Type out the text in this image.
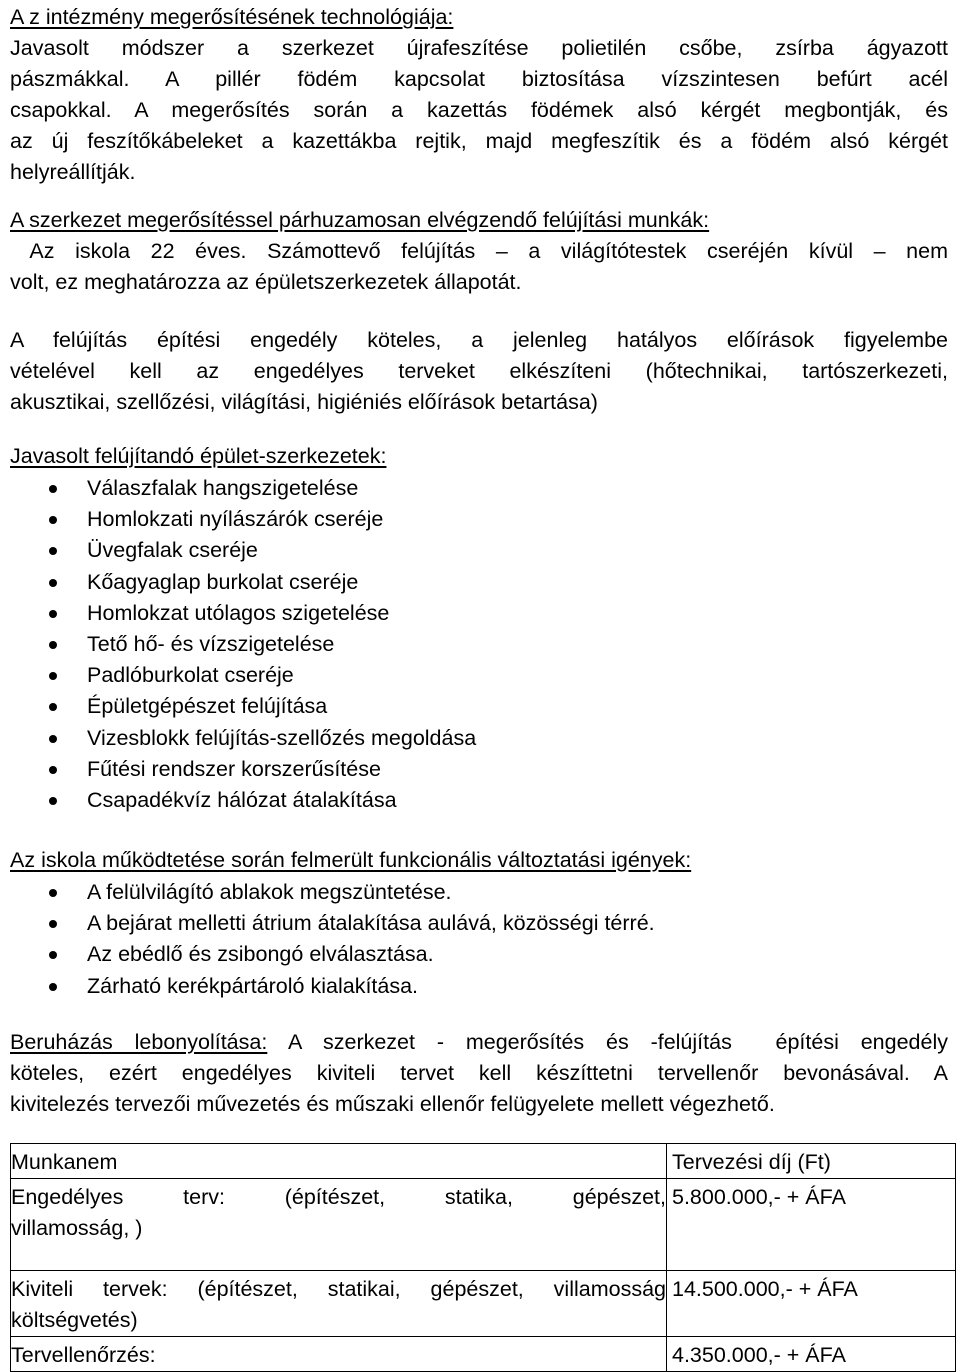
A z intézmény megerősítésének technológiája:

Javasolt módszer a szerkezet újrafeszítése polietilén csőbe, zsírba ágyazott

pászmákkal. A pillér födém kapcsolat biztosítása vízszintesen befúrt acél

csapokkal. A megerősítés során a kazettás födémek alsó kérgét megbontják, és

az új feszítőkábeleket a kazettákba rejtik, majd megfeszítik és a födém alsó kérgét

helyreállítják.

A szerkezet megerősítéssel párhuzamosan elvégzendő felújítási munkák:

Az iskola 22 éves. Számottevő felújítás – a világítótestek cseréjén kívül – nem

volt, ez meghatározza az épületszerkezetek állapotát.

A felújítás építési engedély köteles, a jelenleg hatályos előírások figyelembe

vételével kell az engedélyes terveket elkészíteni (hőtechnikai, tartószerkezeti,

akusztikai, szellőzési, világítási, higiéniés előírások betartása)

Javasolt felújítandó épület-szerkezetek:

Válaszfalak hangszigetelése
Homlokzati nyílászárók cseréje
Üvegfalak cseréje
Kőagyaglap burkolat cseréje
Homlokzat utólagos szigetelése
Tető hő- és vízszigetelése
Padlóburkolat cseréje
Épületgépészet felújítása
Vizesblokk felújítás-szellőzés megoldása
Fűtési rendszer korszerűsítése
Csapadékvíz hálózat átalakítása

Az iskola működtetése során felmerült funkcionális változtatási igények:

A felülvilágító ablakok megszüntetése.
A bejárat melletti átrium átalakítása aulává, közösségi térré.
Az ebédlő és zsibongó elválasztása.
Zárható kerékpártároló kialakítása.

Beruházás lebonyolítása: A szerkezet - megerősítés és -felújítás  építési engedély

köteles, ezért engedélyes kiviteli tervet kell készíttetni tervellenőr bevonásával. A

kivitelezés tervezői művezetés és műszaki ellenőr felügyelete mellett végezhető.

Munkanem	Tervezési díj (Ft)

Engedélyes   terv:   (építészet,   statika,   gépészet,
villamosság, )	5.800.000,- + ÁFA

Kiviteli tervek: (építészet, statikai, gépészet, villamosság
költségvetés)	14.500.000,- + ÁFA
Tervellenőrzés:	4.350.000,- + ÁFA
